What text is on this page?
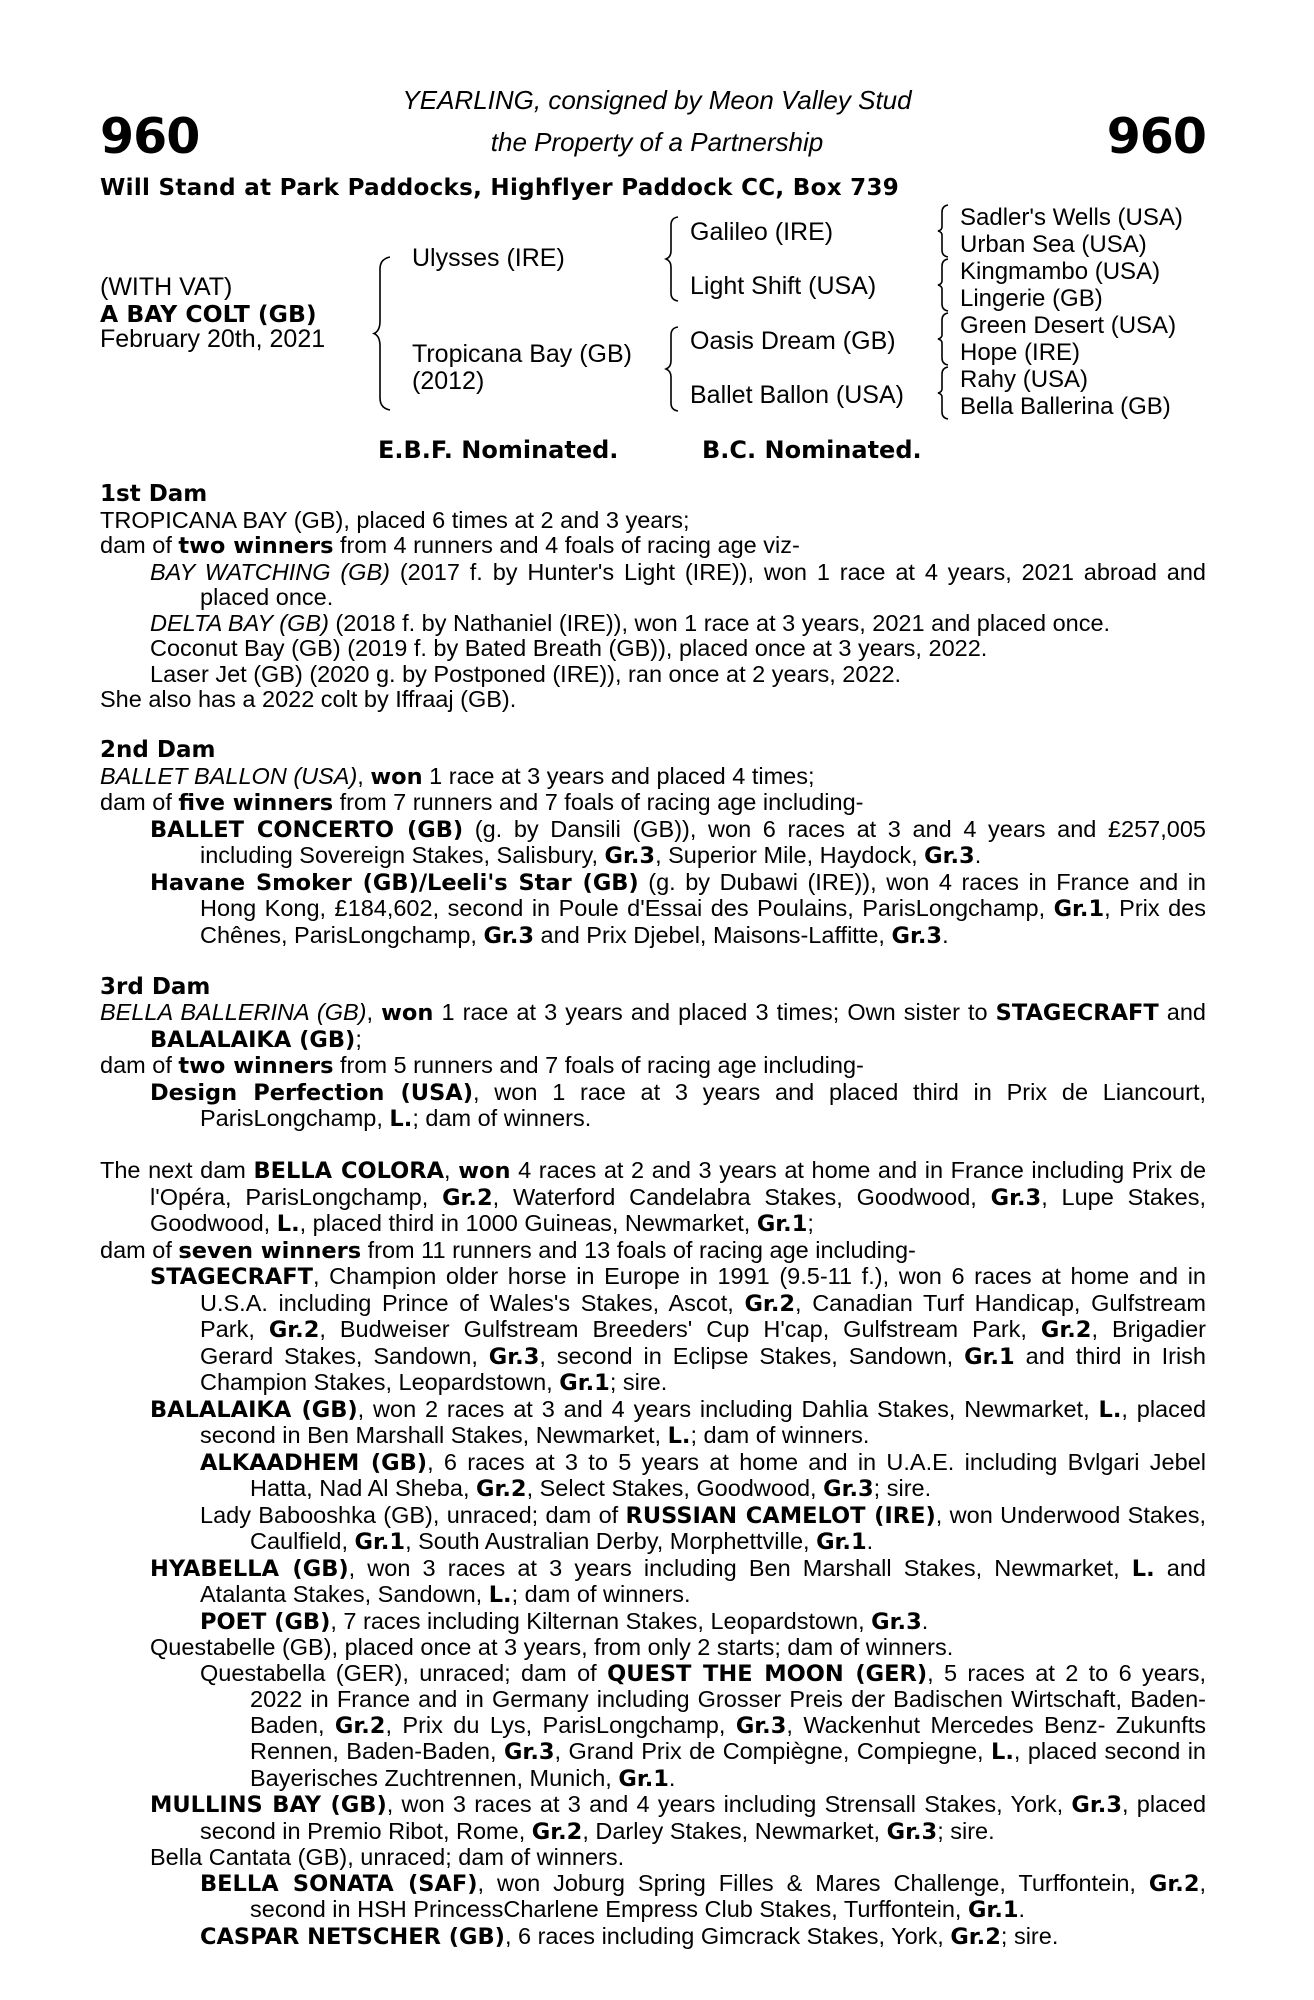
960	960
YEARLING, consigned by Meon Valley Stud
the Property of a Partnership
Will Stand at Park Paddocks, Highflyer Paddock CC, Box 739
(WITH VAT)
A BAY COLT (GB)
February 20th, 2021
Ulysses (IRE)
Tropicana Bay (GB)
(2012)
Galileo (IRE)
Light Shift (USA)
Oasis Dream (GB)
Ballet Ballon (USA)
Sadler's Wells (USA)
Urban Sea (USA)
Kingmambo (USA)
Lingerie (GB)
Green Desert (USA)
Hope (IRE)
Rahy (USA)
Bella Ballerina (GB)
E.B.F. Nominated.	B.C. Nominated.
1st Dam

TROPICANA BAY (GB), placed 6 times at 2 and 3 years;

dam of two winners from 4 runners and 4 foals of racing age viz-

BAY WATCHING (GB) (2017 f. by Hunter's Light (IRE)), won 1 race at 4 years, 2021 abroad and placed once.

DELTA BAY (GB) (2018 f. by Nathaniel (IRE)), won 1 race at 3 years, 2021 and placed once.

Coconut Bay (GB) (2019 f. by Bated Breath (GB)), placed once at 3 years, 2022.

Laser Jet (GB) (2020 g. by Postponed (IRE)), ran once at 2 years, 2022.

She also has a 2022 colt by Iffraaj (GB).

2nd Dam

BALLET BALLON (USA), won 1 race at 3 years and placed 4 times;

dam of five winners from 7 runners and 7 foals of racing age including-

BALLET CONCERTO (GB) (g. by Dansili (GB)), won 6 races at 3 and 4 years and £257,005 including Sovereign Stakes, Salisbury, Gr.3, Superior Mile, Haydock, Gr.3.

Havane Smoker (GB)/Leeli's Star (GB) (g. by Dubawi (IRE)), won 4 races in France and in Hong Kong, £184,602, second in Poule d'Essai des Poulains, ParisLongchamp, Gr.1, Prix des Chênes, ParisLongchamp, Gr.3 and Prix Djebel, Maisons-Laffitte, Gr.3.

3rd Dam

BELLA BALLERINA (GB), won 1 race at 3 years and placed 3 times; Own sister to STAGECRAFT and BALALAIKA (GB);

dam of two winners from 5 runners and 7 foals of racing age including-

Design Perfection (USA), won 1 race at 3 years and placed third in Prix de Liancourt, ParisLongchamp, L.; dam of winners.

The next dam BELLA COLORA, won 4 races at 2 and 3 years at home and in France including Prix de l'Opéra, ParisLongchamp, Gr.2, Waterford Candelabra Stakes, Goodwood, Gr.3, Lupe Stakes, Goodwood, L., placed third in 1000 Guineas, Newmarket, Gr.1;

dam of seven winners from 11 runners and 13 foals of racing age including-

STAGECRAFT, Champion older horse in Europe in 1991 (9.5-11 f.), won 6 races at home and in U.S.A. including Prince of Wales's Stakes, Ascot, Gr.2, Canadian Turf Handicap, Gulfstream Park, Gr.2, Budweiser Gulfstream Breeders' Cup H'cap, Gulfstream Park, Gr.2, Brigadier Gerard Stakes, Sandown, Gr.3, second in Eclipse Stakes, Sandown, Gr.1 and third in Irish Champion Stakes, Leopardstown, Gr.1; sire.

BALALAIKA (GB), won 2 races at 3 and 4 years including Dahlia Stakes, Newmarket, L., placed second in Ben Marshall Stakes, Newmarket, L.; dam of winners.

ALKAADHEM (GB), 6 races at 3 to 5 years at home and in U.A.E. including Bvlgari Jebel Hatta, Nad Al Sheba, Gr.2, Select Stakes, Goodwood, Gr.3; sire.

Lady Babooshka (GB), unraced; dam of RUSSIAN CAMELOT (IRE), won Underwood Stakes, Caulfield, Gr.1, South Australian Derby, Morphettville, Gr.1.

HYABELLA (GB), won 3 races at 3 years including Ben Marshall Stakes, Newmarket, L. and Atalanta Stakes, Sandown, L.; dam of winners.

POET (GB), 7 races including Kilternan Stakes, Leopardstown, Gr.3.

Questabelle (GB), placed once at 3 years, from only 2 starts; dam of winners.

Questabella (GER), unraced; dam of QUEST THE MOON (GER), 5 races at 2 to 6 years, 2022 in France and in Germany including Grosser Preis der Badischen Wirtschaft, Baden-Baden, Gr.2, Prix du Lys, ParisLongchamp, Gr.3, Wackenhut Mercedes Benz- Zukunfts Rennen, Baden-Baden, Gr.3, Grand Prix de Compiègne, Compiegne, L., placed second in Bayerisches Zuchtrennen, Munich, Gr.1.

MULLINS BAY (GB), won 3 races at 3 and 4 years including Strensall Stakes, York, Gr.3, placed second in Premio Ribot, Rome, Gr.2, Darley Stakes, Newmarket, Gr.3; sire.

Bella Cantata (GB), unraced; dam of winners.

BELLA SONATA (SAF), won Joburg Spring Filles & Mares Challenge, Turffontein, Gr.2, second in HSH PrincessCharlene Empress Club Stakes, Turffontein, Gr.1.

CASPAR NETSCHER (GB), 6 races including Gimcrack Stakes, York, Gr.2; sire.
